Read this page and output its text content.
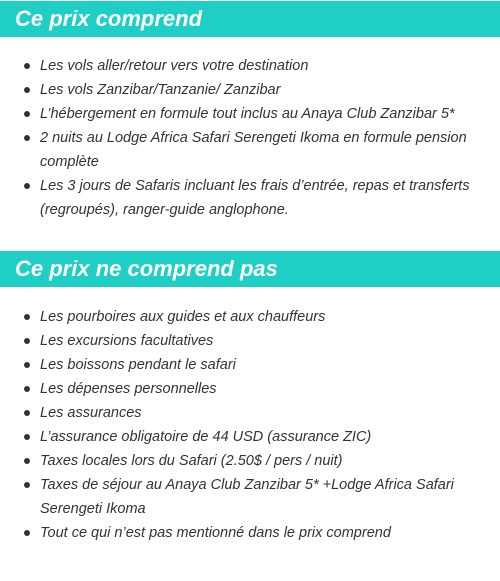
Ce prix comprend
Les vols aller/retour vers votre destination
Les vols Zanzibar/Tanzanie/ Zanzibar
L’hébergement en formule tout inclus au Anaya Club Zanzibar 5*
2 nuits au Lodge Africa Safari Serengeti Ikoma en formule pension complète
Les 3 jours de Safaris incluant les frais d’entrée, repas et transferts (regroupés), ranger-guide anglophone.
Ce prix ne comprend pas
Les pourboires aux guides et aux chauffeurs
Les excursions facultatives
Les boissons pendant le safari
Les dépenses personnelles
Les assurances
L’assurance obligatoire de 44 USD (assurance ZIC)
Taxes locales lors du Safari (2.50$ / pers / nuit)
Taxes de séjour au Anaya Club Zanzibar 5* +Lodge Africa Safari Serengeti Ikoma
Tout ce qui n’est pas mentionné dans le prix comprend
